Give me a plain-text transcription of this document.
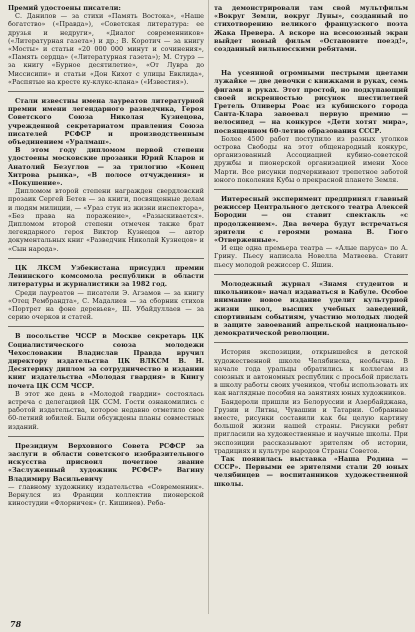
Премий удостоены писатели:

С. Данилов — за стихи «Память Востока», «Наше богатство» («Правда»), «Советская литература: ее друзья и недруги», «Диалог современников» («Литературная газета») и др.; В. Коротич — за книгу «Мосты» и статьи «20 000 000 минут и сочинения», «Память сердца» («Литературная газета»); М. Стурэ — за книгу «Бурное десятилетие», «От Лувра до Миссисипи» и статьи «Дон Кихот с улицы Евклида», «Распятые на кресте ку-клукс-клана» («Известия»).

Стали известны имена лауреатов литературной премии имени легендарного разведчика, Героя Советского Союза Николая Кузнецова, учрежденной секретариатом правления Союза писателей РСФСР и производственным объединением «Уралмаш».

В этом году дипломом первой степени удостоены московские прозаики Юрий Кларов и Анатолий Безуглов — за трилогию «Конец Хитрова рынка», «В полосе отчуждения» и «Покушение».

Дипломом второй степени награжден свердловский прозаик Сергей Бетев — за книги, посвященные делам и людям милиции, — «Ураз стук из жизни инспектора», «Без права на поражение», «Разыскивается». Дипломом второй степени отмечен также брат легендарного героя Виктор Кузнецов — автор документальных книг «Разведчик Николай Кузнецов» и «Сын народа».

ЦК ЛКСМ Узбекистана присудил премии Ленинского комсомола республики в области литературы и журналистики за 1982 год.

Среди лауреатов — писатели Э. Агзамов — за книгу «Отец Рембрандта», С. Мадалиев — за сборник стихов «Портрет на фоне деревьев», Ш. Убайдуллаев — за серию очерков и статей.

В посольстве ЧССР в Москве секретарь ЦК Социалистического союза молодежи Чехословакии Владислав Правда вручил директору издательства ЦК ВЛКСМ В. Н. Десятерику диплом за сотрудничество в издании книг издательства «Молодая гвардия» в Книгу почета ЦК ССМ ЧССР.

В этот же день в «Молодой гвардии» состоялась встреча с делегацией ЦК ССМ. Гости ознакомились с работой издательства, которое недавно отметило свое 60-летний юбилей. Были обсуждены планы совместных изданий.

Президиум Верховного Совета РСФСР за заслуги в области советского изобразительного искусства присвоил почетное звание «Заслуженный художник РСФСР» Вагину Владимиру Васильевичу

— главному художнику издательства «Современник». Вернулся из Франции коллектив пионерской киностудии «Флорничек» (г. Кишинев). Реба-

та демонстрировали там свой мультфильм «Вокруг Земли, вокруг Луны», созданный по стихотворению великого французского поэта Жака Превера. А вскоре на всесоюзный экран выйдет новый фильм «Остановите поезд!», созданный вильнюсскими ребятами.

На усеянной огромными пестрыми цветами лужайке — две девочки с книжками в руках, семь фигами в руках. Этот простой, но подкупающий своей искренностью рисунок шестилетней Гретель Оливеры Роас из кубинского города Санта-Клара завоевал первую премию — велосипед — на конкурсе «Дети хотят мира», посвященном 60-летию образования СССР.

Более 4500 работ поступило из разных уголков острова Свободы на этот общенародный конкурс, организованный Ассоциацией кубино-советской дружбы и пионерской организацией имени Хосе Марти. Все рисунки подчеркивают трепетное заботой юного поколения Кубы о прекрасной планете Земля.

Интересный эксперимент предпринял главный режиссер Центрального детского театра Алексей Бородин — он ставит спектакль «с продолжением». Два вечера будут встречаться зрители с героями романа В. Гюго «Отверженные».

И еще одна премьера театра — «Алые паруса» по А. Грину. Пьесу написала Новелла Матвеева. Ставит пьесу молодой режиссер С. Яшин.

Молодежный журнал «Знамя студентов и школьников» начал издаваться в Кабуле. Особое внимание новое издание уделит культурной жизни школ, высших учебных заведений, спортивным событиям, участию молодых людей в защите завоеваний апрельской национально-демократической революции.

История экспозиции, открывшейся в детской художественной школе Челябинска, необычна. В начале года уральцы обратились к коллегам из союзных и автономных республик с просьбой прислать в школу работы своих учеников, чтобы использовать их как наглядные пособия на занятиях юных художников.

Бандероли пришли из Белоруссии и Азербайджана, Грузии и Литвы, Чувашии и Татарии. Собранные вместе, рисунки составили как бы целую картину большой жизни нашей страны. Рисунки ребят пригласили на художественные и научные школы. При экспозиции рассказывают зрителям об истории, традициях и культуре народов Страны Советов.

Так появилась выставка «Наша Родина — СССР». Первыми ее зрителями стали 20 юных челябинцев — воспитанников художественной школы.

78
